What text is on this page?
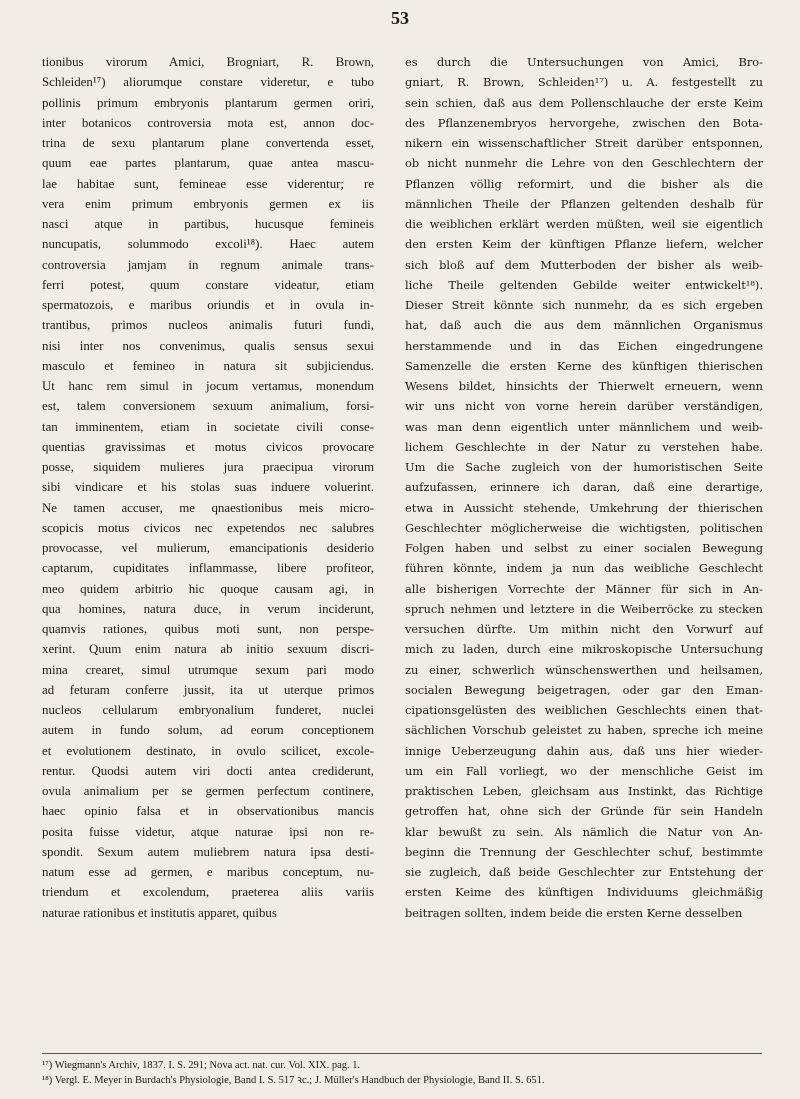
53
tionibus virorum Amici, Brogniart, R. Brown,
Schleiden¹⁷) aliorumque constare videretur, e tubo
pollinis primum embryonis plantarum germen oriri,
inter botanicos controversia mota est, annon doc-
trina de sexu plantarum plane convertenda esset,
quum eae partes plantarum, quae antea mascu-
lae habitae sunt, femineae esse viderentur; re
vera enim primum embryonis germen ex iis
nasci atque in partibus, hucusque femineis
nuncupatis, solummodo excoli¹⁸). Haec autem
controversia jamjam in regnum animale trans-
ferri potest, quum constare videatur, etiam
spermatozois, e maribus oriundis et in ovula in-
trantibus, primos nucleos animalis futuri fundi,
nisi inter nos convenimus, qualis sensus sexui
masculo et femineo in natura sit subjiciendus.
Ut hanc rem simul in jocum vertamus, monendum
est, talem conversionem sexuum animalium, forsi-
tan imminentem, etiam in societate civili conse-
quentias gravissimas et motus civicos provocare
posse, siquidem mulieres jura praecipua virorum
sibi vindicare et his stolas suas induere voluerint.
Ne tamen accuser, me qnaestionibus meis micro-
scopicis motus civicos nec expetendos nec salubres
provocasse, vel mulierum, emancipationis desiderio
captarum, cupiditates inflammasse, libere profiteor,
meo quidem arbitrio hic quoque causam agi, in
qua homines, natura duce, in verum inciderunt,
quamvis rationes, quibus moti sunt, non perspe-
xerint. Quum enim natura ab initio sexuum discri-
mina crearet, simul utrumque sexum pari modo
ad feturam conferre jussit, ita ut uterque primos
nucleos cellularum embryonalium funderet, nuclei
autem in fundo solum, ad eorum conceptionem
et evolutionem destinato, in ovulo scilicet, excole-
rentur. Quodsi autem viri docti antea crediderunt,
ovula animalium per se germen perfectum continere,
haec opinio falsa et in observationibus mancis
posita fuisse videtur, atque naturae ipsi non re-
spondit. Sexum autem muliebrem natura ipsa desti-
natum esse ad germen, e maribus conceptum, nu-
triendum et excolendum, praeterea aliis variis
naturae rationibus et institutis apparet, quibus
es durch die Untersuchungen von Amici, Bro-
gniart, R. Brown, Schleiden¹⁷) u. A. festgestellt zu
sein schien, daß aus dem Pollenschlauche der erste Keim
des Pflanzenembryos hervorgehe, zwischen den Bota-
nikern ein wissenschaftlicher Streit darüber entsponnen,
ob nicht nunmehr die Lehre von den Geschlechtern der
Pflanzen völlig reformirt, und die bisher als die
männlichen Theile der Pflanzen geltenden deshalb für
die weiblichen erklärt werden müßten, weil sie eigentlich
den ersten Keim der künftigen Pflanze liefern, welcher
sich bloß auf dem Mutterboden der bisher als weib-
liche Theile geltenden Gebilde weiter entwickelt¹⁸).
Dieser Streit könnte sich nunmehr, da es sich ergeben
hat, daß auch die aus dem männlichen Organismus
herstammende und in das Eichen eingedrungene
Samenzelle die ersten Kerne des künftigen thierischen
Wesens bildet, hinsichts der Thierwelt erneuern, wenn
wir uns nicht von vorne herein darüber verständigen,
was man denn eigentlich unter männlichem und weib-
lichem Geschlechte in der Natur zu verstehen habe.
Um die Sache zugleich von der humoristischen Seite
aufzufassen, erinnere ich daran, daß eine derartige,
etwa in Aussicht stehende, Umkehrung der thierischen
Geschlechter möglicherweise die wichtigsten, politischen
Folgen haben und selbst zu einer socialen Bewegung
führen könnte, indem ja nun das weibliche Geschlecht
alle bisherigen Vorrechte der Männer für sich in An-
spruch nehmen und letztere in die Weiberröcke zu stecken
versuchen dürfte. Um mithin nicht den Vorwurf auf
mich zu laden, durch eine mikroskopische Untersuchung
zu einer, schwerlich wünschenswerthen und heilsamen,
socialen Bewegung beigetragen, oder gar den Eman-
cipationsgelüsten des weiblichen Geschlechts einen that-
sächlichen Vorschub geleistet zu haben, spreche ich meine
innige Ueberzeugung dahin aus, daß uns hier wieder-
um ein Fall vorliegt, wo der menschliche Geist im
praktischen Leben, gleichsam aus Instinkt, das Richtige
getroffen hat, ohne sich der Gründe für sein Handeln
klar bewußt zu sein. Als nämlich die Natur von An-
beginn die Trennung der Geschlechter schuf, bestimmte
sie zugleich, daß beide Geschlechter zur Entstehung der
ersten Keime des künftigen Individuums gleichmäßig
beitragen sollten, indem beide die ersten Kerne desselben
¹⁷) Wiegmann's Archiv, 1837. I. S. 291; Nova act. nat. cur. Vol. XIX. pag. 1.
¹⁸) Vergl. E. Meyer in Burdach's Physiologie, Band I. S. 517 ꝛc.; J. Müller's Handbuch der Physiologie, Band II. S. 651.
